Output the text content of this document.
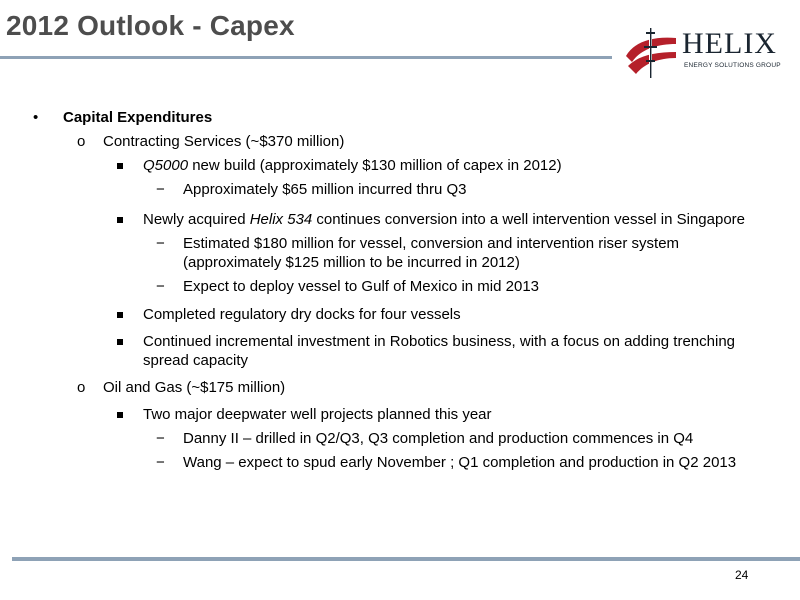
2012 Outlook - Capex
HELIX
ENERGY SOLUTIONS GROUP
• Capital Expenditures
o Contracting Services (~$370 million)
Q5000 new build (approximately $130 million of capex in 2012)
− Approximately $65 million incurred thru Q3
Newly acquired Helix 534 continues conversion into a well intervention vessel in Singapore
− Estimated $180 million for vessel, conversion and intervention riser system
(approximately $125 million to be incurred in 2012)
− Expect to deploy vessel to Gulf of Mexico in mid 2013
Completed regulatory dry docks for four vessels
Continued incremental investment in Robotics business, with a focus on adding trenching
spread capacity
o Oil and Gas (~$175 million)
Two major deepwater well projects planned this year
− Danny II – drilled in Q2/Q3, Q3 completion and production commences in Q4
− Wang – expect to spud early November ; Q1 completion and production in Q2 2013
24
